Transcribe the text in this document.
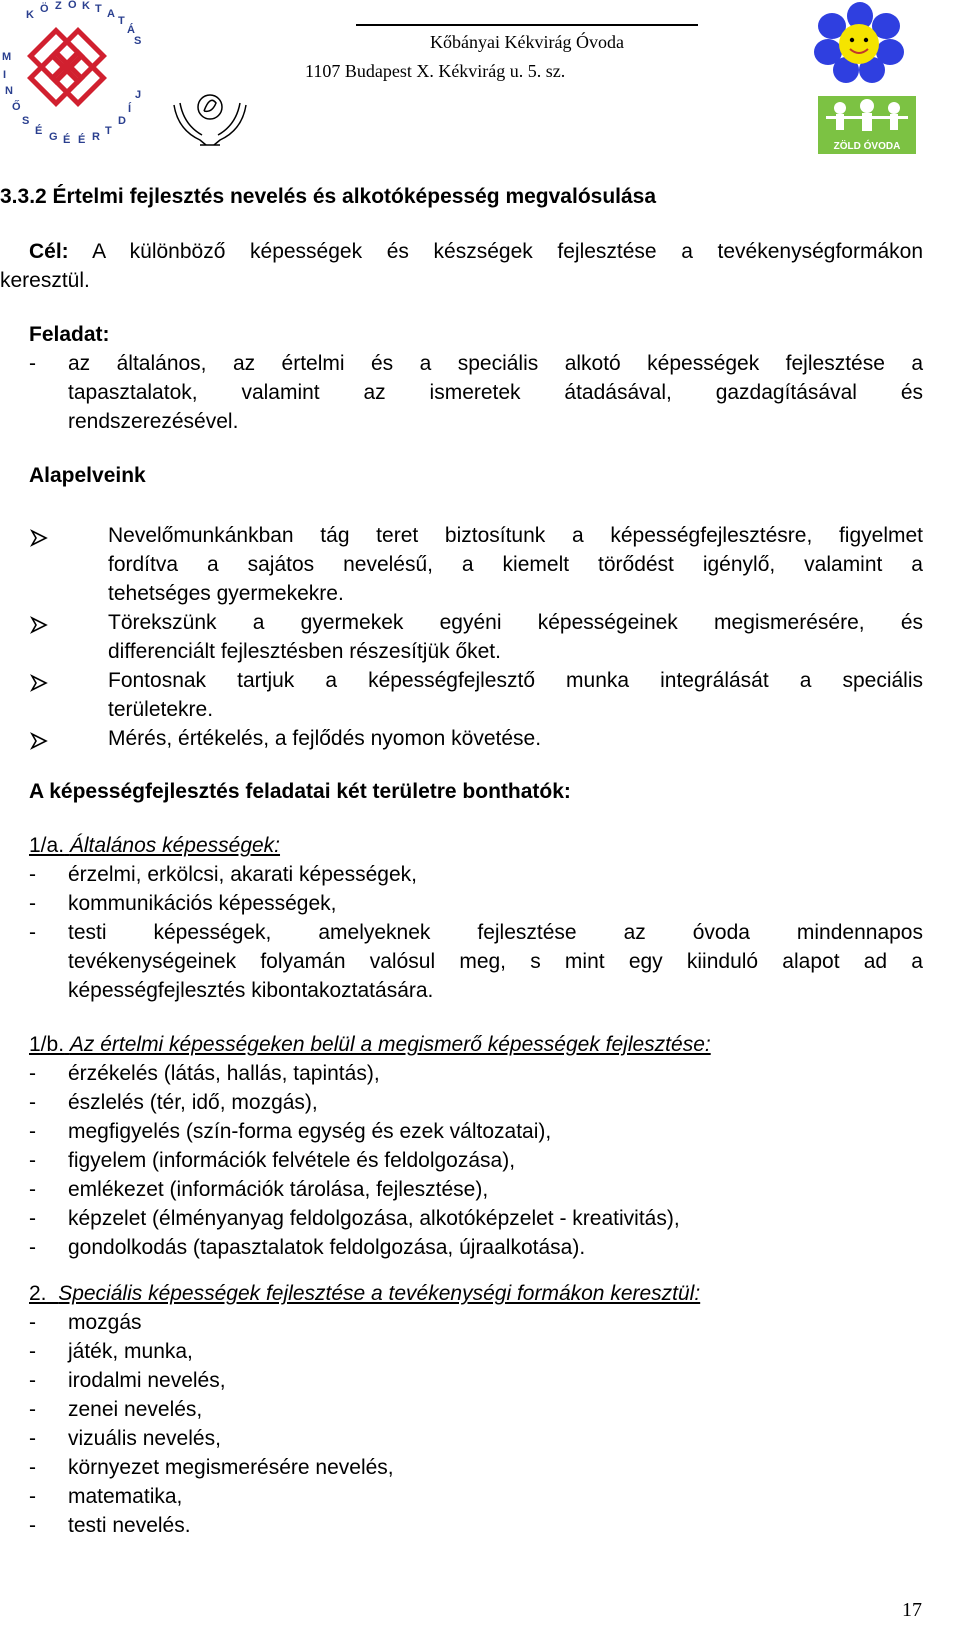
K Ö Z O K T A
T
Á
S
M
I
N
Ő
S
É G É É R T
D
Í
J
Kőbányai Kékvirág Óvoda
1107 Budapest X. Kékvirág u. 5. sz.
ZÖLD ÓVODA
3.3.2 Értelmi fejlesztés nevelés és alkotóképesség megvalósulása
Cél: A különböző képességek és készségek fejlesztése a tevékenységformákon
keresztül.
Feladat:
- az általános, az értelmi és a speciális alkotó képességek fejlesztése a
tapasztalatok, valamint az ismeretek átadásával, gazdagításával és
rendszerezésével.
Alapelveink
Nevelőmunkánkban tág teret biztosítunk a képességfejlesztésre, figyelmet
fordítva a sajátos nevelésű, a kiemelt törődést igénylő, valamint a
tehetséges gyermekekre.
Törekszünk a gyermekek egyéni képességeinek megismerésére, és
differenciált fejlesztésben részesítjük őket.
Fontosnak tartjuk a képességfejlesztő munka integrálását a speciális
területekre.
Mérés, értékelés, a fejlődés nyomon követése.
A képességfejlesztés feladatai két területre bonthatók:
1/a. Általános képességek:
- érzelmi, erkölcsi, akarati képességek,
- kommunikációs képességek,
- testi képességek, amelyeknek fejlesztése az óvoda mindennapos
tevékenységeinek folyamán valósul meg, s mint egy kiinduló alapot ad a
képességfejlesztés kibontakoztatására.
1/b. Az értelmi képességeken belül a megismerő képességek fejlesztése:
- érzékelés (látás, hallás, tapintás),
- észlelés (tér, idő, mozgás),
- megfigyelés (szín-forma egység és ezek változatai),
- figyelem (információk felvétele és feldolgozása),
- emlékezet (információk tárolása, fejlesztése),
- képzelet (élményanyag feldolgozása, alkotóképzelet - kreativitás),
- gondolkodás (tapasztalatok feldolgozása, újraalkotása).
2. Speciális képességek fejlesztése a tevékenységi formákon keresztül:
- mozgás
- játék, munka,
- irodalmi nevelés,
- zenei nevelés,
- vizuális nevelés,
- környezet megismerésére nevelés,
- matematika,
- testi nevelés.
17
